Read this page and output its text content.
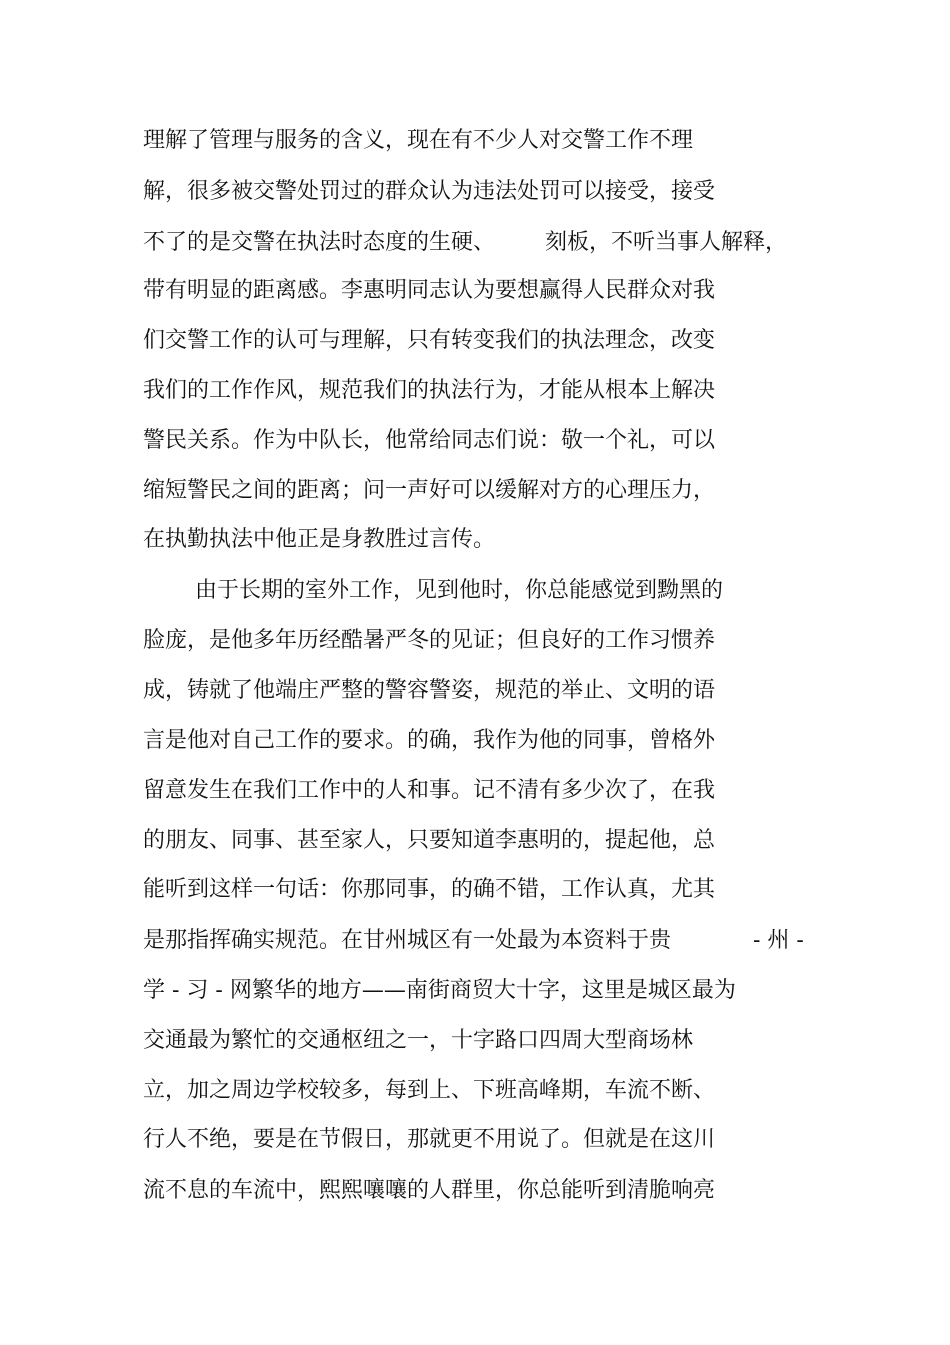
理解了管理与服务的含义，现在有不少人对交警工作不理
解，很多被交警处罚过的群众认为违法处罚可以接受，接受
不了的是交警在执法时态度的生硬、 刻板，不听当事人解释，
带有明显的距离感。李惠明同志认为要想赢得人民群众对我
们交警工作的认可与理解，只有转变我们的执法理念，改变
我们的工作作风，规范我们的执法行为，才能从根本上解决
警民关系。作为中队长，他常给同志们说：敬一个礼，可以
缩短警民之间的距离；问一声好可以缓解对方的心理压力，
在执勤执法中他正是身教胜过言传。
由于长期的室外工作，见到他时，你总能感觉到黝黑的
脸庞，是他多年历经酷暑严冬的见证；但良好的工作习惯养
成，铸就了他端庄严整的警容警姿，规范的举止、文明的语
言是他对自己工作的要求。的确，我作为他的同事，曾格外
留意发生在我们工作中的人和事。记不清有多少次了，在我
的朋友、同事、甚至家人，只要知道李惠明的，提起他，总
能听到这样一句话：你那同事，的确不错，工作认真，尤其
是那指挥确实规范。在甘州城区有一处最为本资料于贵	- 州 -
学 - 习 - 网繁华的地方——南街商贸大十字，这里是城区最为
交通最为繁忙的交通枢纽之一，十字路口四周大型商场林
立，加之周边学校较多，每到上、下班高峰期，车流不断、
行人不绝，要是在节假日，那就更不用说了。但就是在这川
流不息的车流中，熙熙嚷嚷的人群里，你总能听到清脆响亮
